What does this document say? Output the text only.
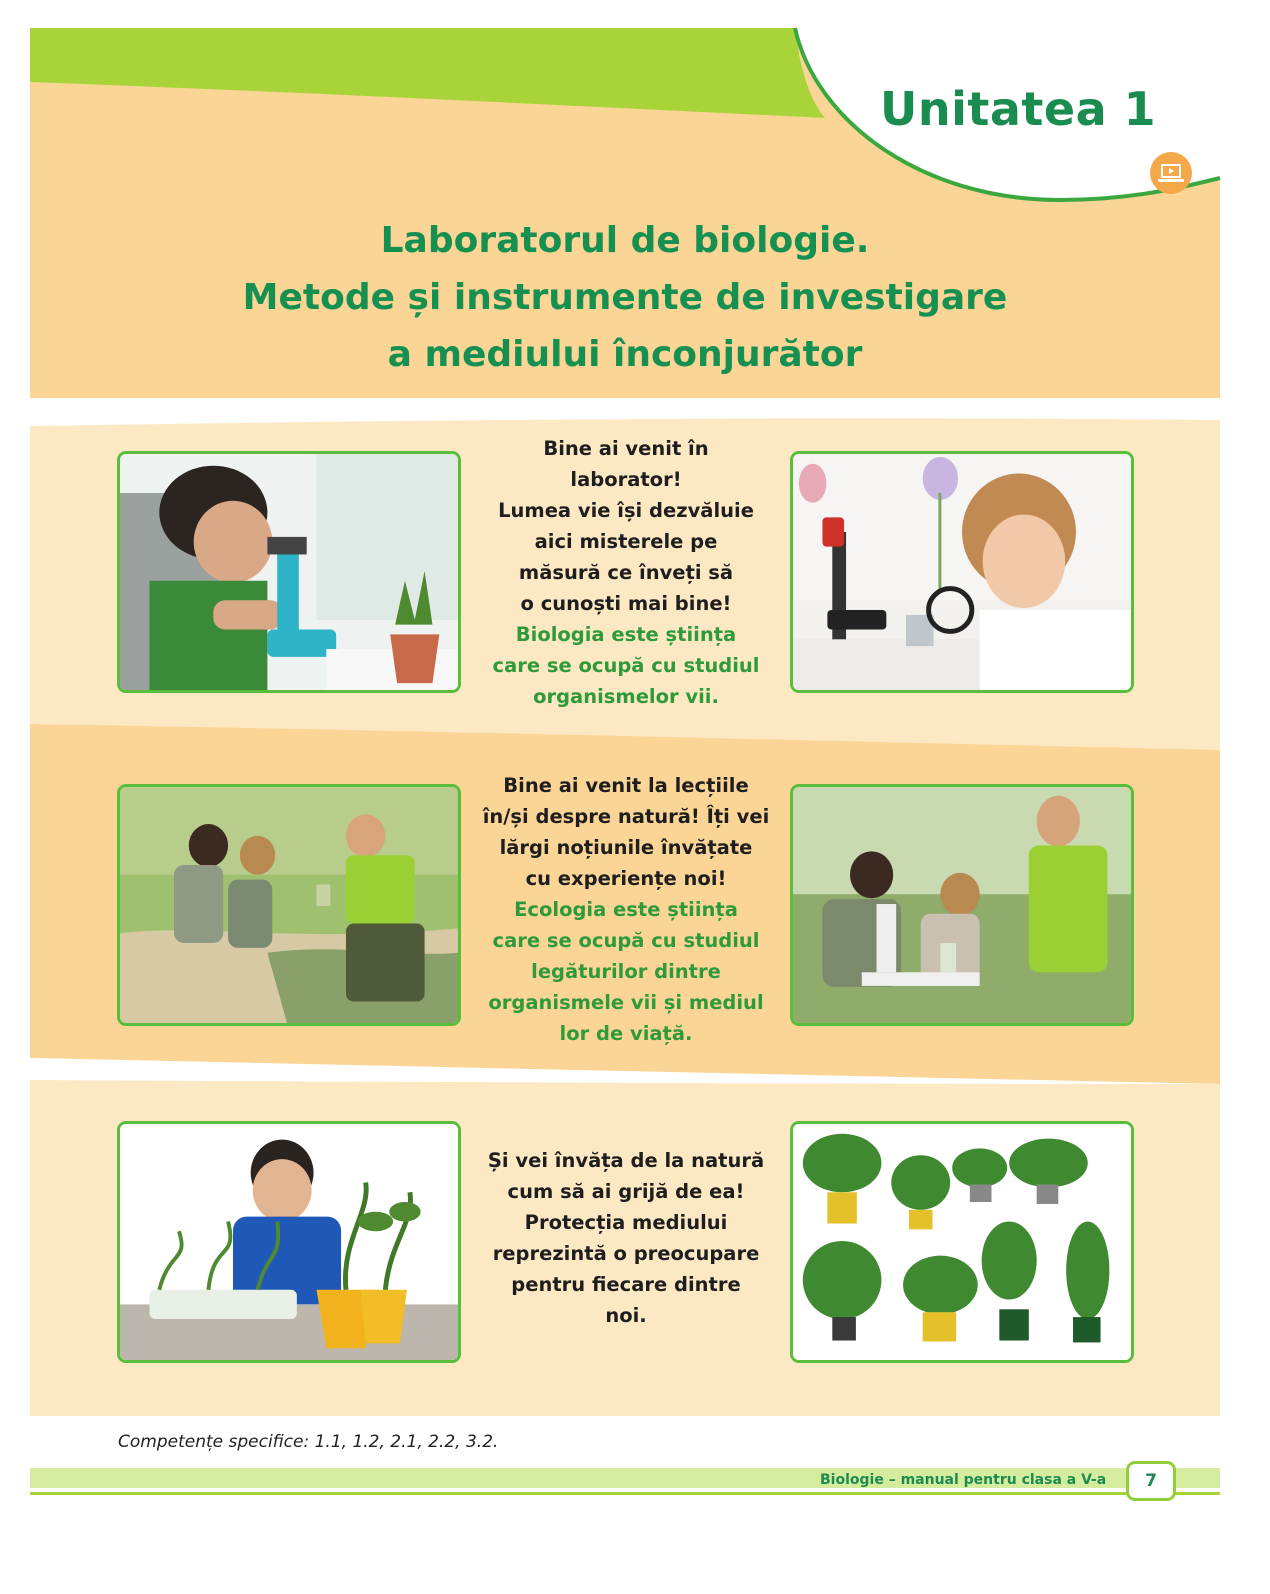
Unitatea 1
Laboratorul de biologie.
Metode și instrumente de investigare
a mediului înconjurător
Bine ai venit în
laborator!
Lumea vie își dezvăluie
aici misterele pe
măsură ce înveți să
o cunoști mai bine!
Biologia este știința
care se ocupă cu studiul
organismelor vii.
Bine ai venit la lecțiile
în/și despre natură! Îți vei
lărgi noțiunile învățate
cu experiențe noi!
Ecologia este știința
care se ocupă cu studiul
legăturilor dintre
organismele vii și mediul
lor de viață.
Și vei învăța de la natură
cum să ai grijă de ea!
Protecția mediului
reprezintă o preocupare
pentru fiecare dintre
noi.
Competențe specifice: 1.1, 1.2, 2.1, 2.2, 3.2.
Biologie – manual pentru clasa a V-a	7
